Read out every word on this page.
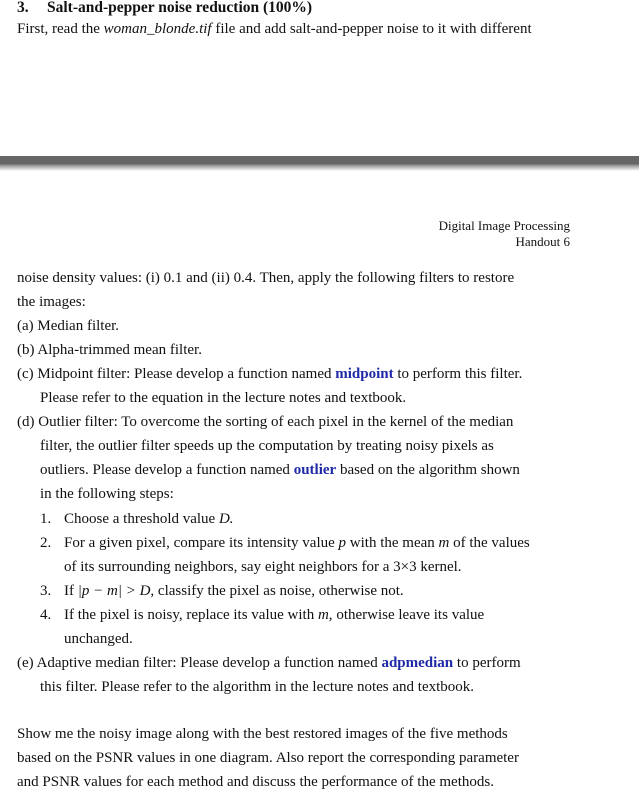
3. Salt-and-pepper noise reduction (100%)
First, read the woman_blonde.tif file and add salt-and-pepper noise to it with different
Digital Image Processing
Handout 6
noise density values: (i) 0.1 and (ii) 0.4. Then, apply the following filters to restore
the images:
(a) Median filter.
(b) Alpha-trimmed mean filter.
(c) Midpoint filter: Please develop a function named midpoint to perform this filter.
Please refer to the equation in the lecture notes and textbook.
(d) Outlier filter: To overcome the sorting of each pixel in the kernel of the median
filter, the outlier filter speeds up the computation by treating noisy pixels as
outliers. Please develop a function named outlier based on the algorithm shown
in the following steps:
1. Choose a threshold value D.
2. For a given pixel, compare its intensity value p with the mean m of the values
of its surrounding neighbors, say eight neighbors for a 3×3 kernel.
3. If |p − m| > D, classify the pixel as noise, otherwise not.
4. If the pixel is noisy, replace its value with m, otherwise leave its value
unchanged.
(e) Adaptive median filter: Please develop a function named adpmedian to perform
this filter. Please refer to the algorithm in the lecture notes and textbook.
Show me the noisy image along with the best restored images of the five methods
based on the PSNR values in one diagram. Also report the corresponding parameter
and PSNR values for each method and discuss the performance of the methods.
